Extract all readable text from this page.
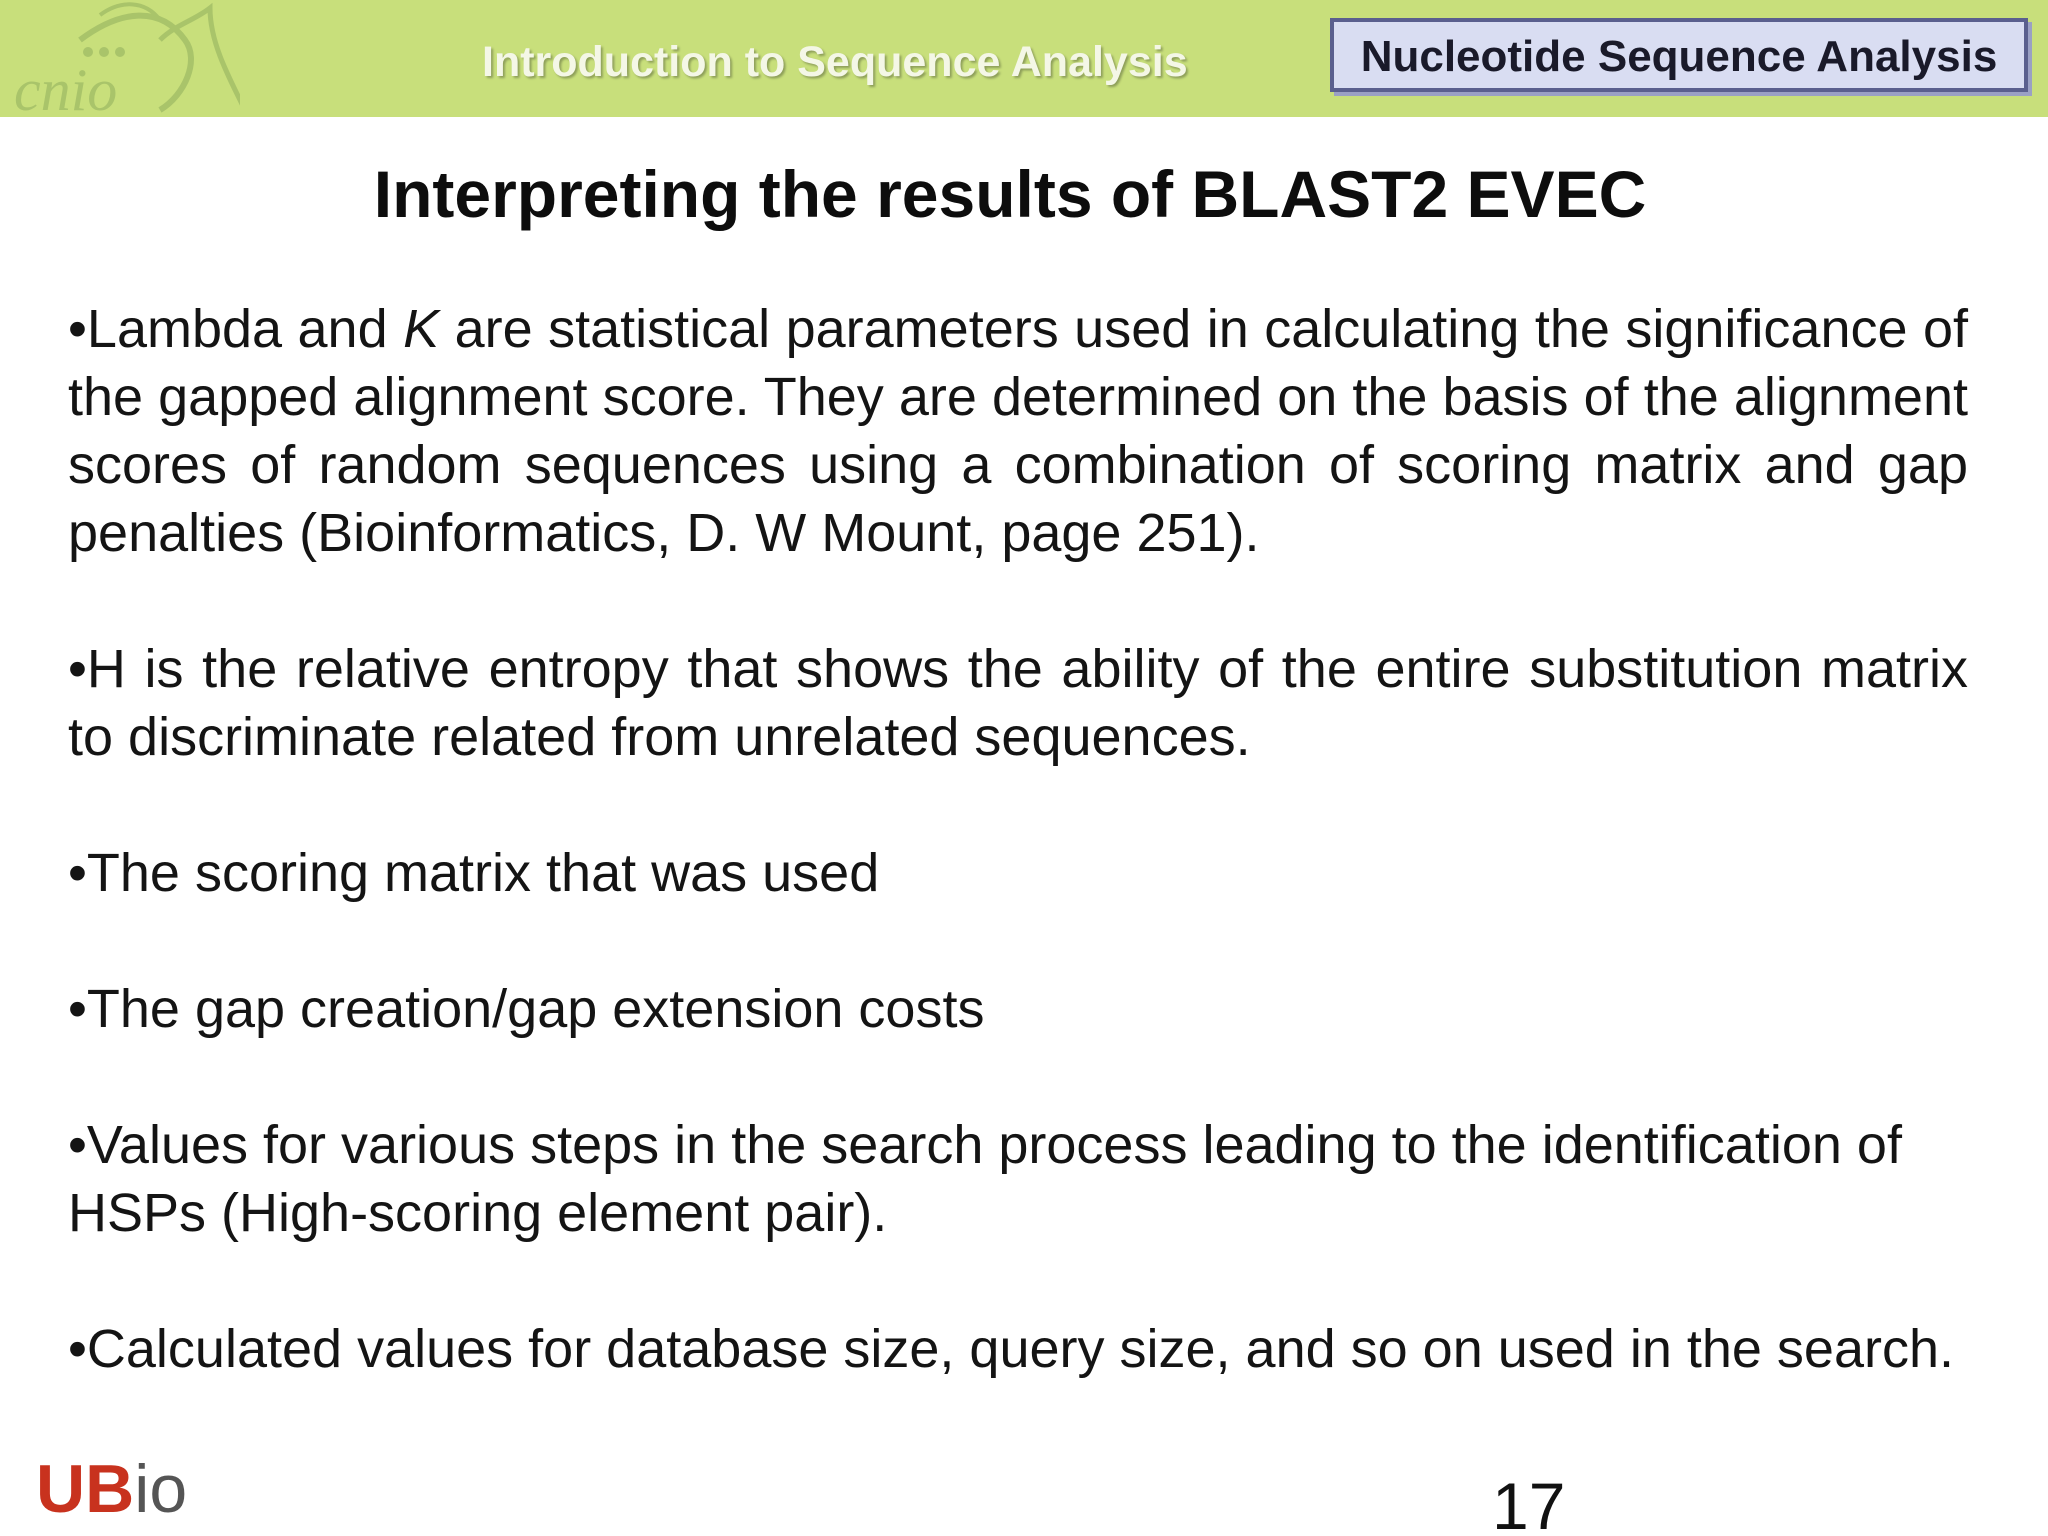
cnio	Introduction to Sequence Analysis	Nucleotide Sequence Analysis
Interpreting the results of BLAST2 EVEC

•Lambda and K are statistical parameters used in calculating the significance of the gapped alignment score. They are determined on the basis of the alignment scores of random sequences using a combination of scoring matrix and gap penalties (Bioinformatics, D. W Mount, page 251).

•H is the relative entropy that shows the ability of the entire substitution matrix to discriminate related from unrelated sequences.

•The scoring matrix that was used

•The gap creation/gap extension costs

•Values for various steps in the search process leading to the identification of HSPs (High-scoring element pair).

•Calculated values for database size, query size, and so on used in the search.

UBio	17
